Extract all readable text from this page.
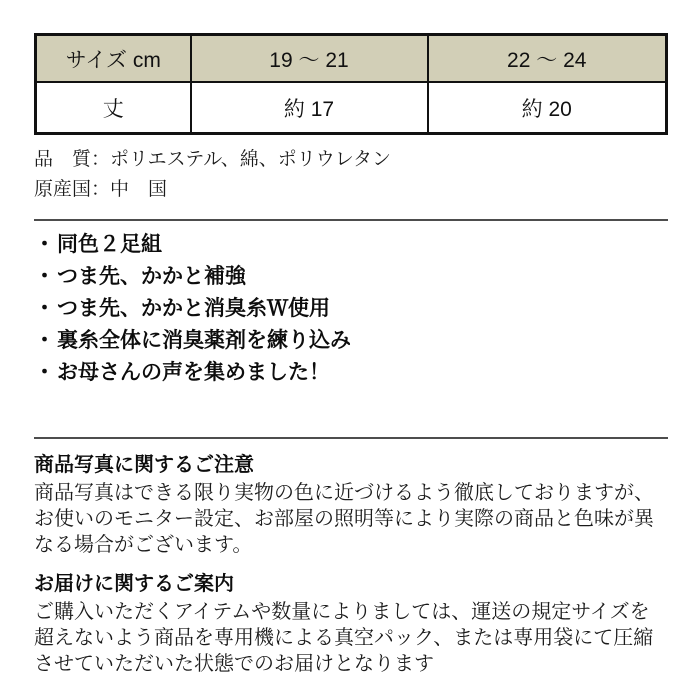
サイズ cm	19 〜 21	22 〜 24
丈	約 17	約 20
品　質：ポリエステル、綿、ポリウレタン
原産国：中　国
・同色２足組
・つま先、かかと補強
・つま先、かかと消臭糸Ｗ使用
・裏糸全体に消臭薬剤を練り込み
・お母さんの声を集めました！
商品写真に関するご注意

商品写真はできる限り実物の色に近づけるよう徹底しておりますが、お使いのモニター設定、お部屋の照明等により実際の商品と色味が異なる場合がございます。

お届けに関するご案内

ご購入いただくアイテムや数量によりましては、運送の規定サイズを超えないよう商品を専用機による真空パック、または専用袋にて圧縮させていただいた状態でのお届けとなります
